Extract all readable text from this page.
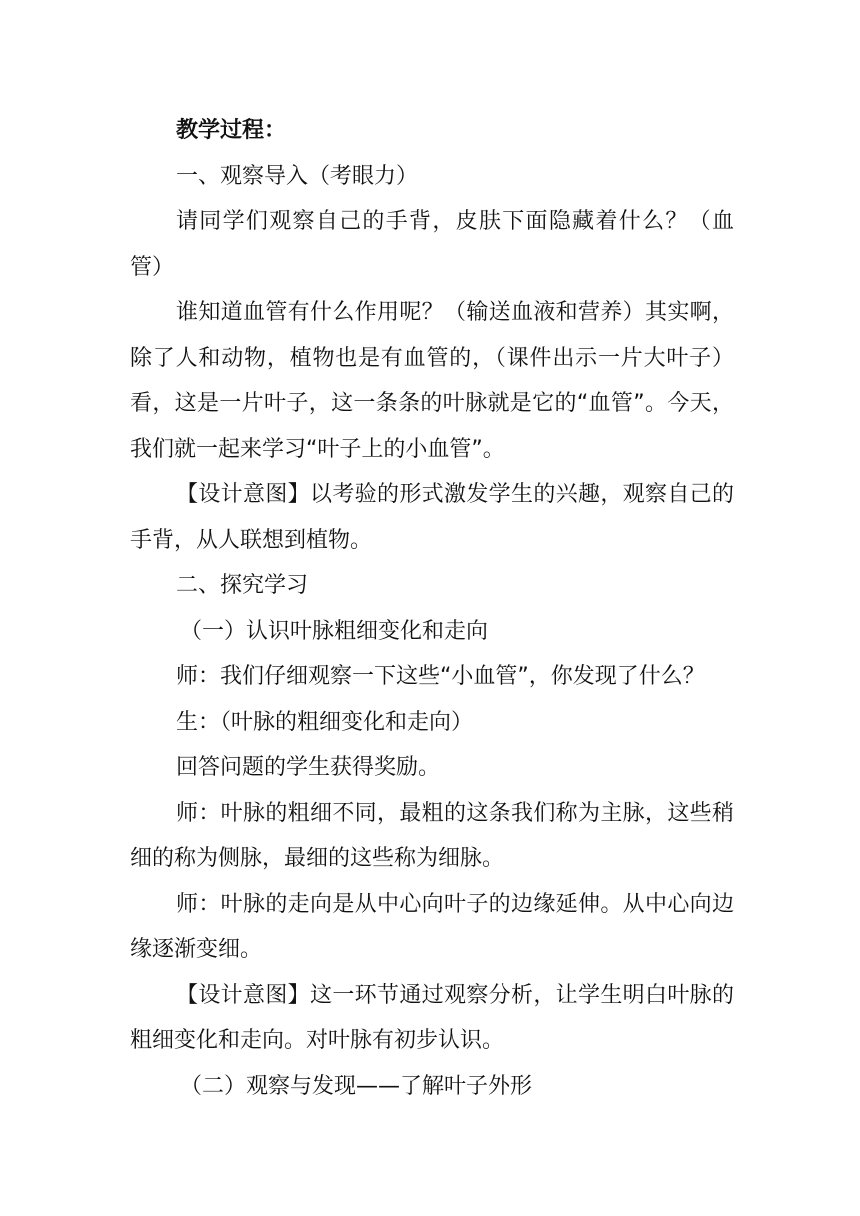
教学过程：

一、观察导入（考眼力）

请同学们观察自己的手背，皮肤下面隐藏着什么？（血管）

谁知道血管有什么作用呢？（输送血液和营养）其实啊，除了人和动物，植物也是有血管的，（课件出示一片大叶子）看，这是一片叶子，这一条条的叶脉就是它的“血管”。今天，我们就一起来学习“叶子上的小血管”。

【设计意图】以考验的形式激发学生的兴趣，观察自己的手背，从人联想到植物。

二、探究学习

（一）认识叶脉粗细变化和走向

师：我们仔细观察一下这些“小血管”，你发现了什么？

生：（叶脉的粗细变化和走向）

回答问题的学生获得奖励。

师：叶脉的粗细不同，最粗的这条我们称为主脉，这些稍细的称为侧脉，最细的这些称为细脉。

师：叶脉的走向是从中心向叶子的边缘延伸。从中心向边缘逐渐变细。

【设计意图】这一环节通过观察分析，让学生明白叶脉的粗细变化和走向。对叶脉有初步认识。

（二）观察与发现——了解叶子外形
